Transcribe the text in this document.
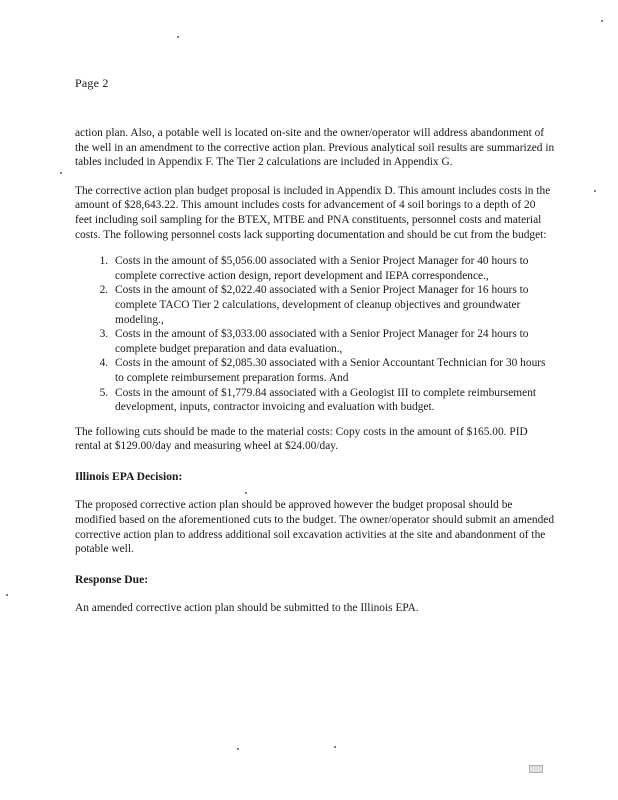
Page 2

action plan. Also, a potable well is located on-site and the owner/operator will address abandonment of the well in an amendment to the corrective action plan. Previous analytical soil results are summarized in tables included in Appendix F. The Tier 2 calculations are included in Appendix G.

The corrective action plan budget proposal is included in Appendix D. This amount includes costs in the amount of $28,643.22. This amount includes costs for advancement of 4 soil borings to a depth of 20 feet including soil sampling for the BTEX, MTBE and PNA constituents, personnel costs and material costs. The following personnel costs lack supporting documentation and should be cut from the budget:

1. Costs in the amount of $5,056.00 associated with a Senior Project Manager for 40 hours to complete corrective action design, report development and IEPA correspondence.,
2. Costs in the amount of $2,022.40 associated with a Senior Project Manager for 16 hours to complete TACO Tier 2 calculations, development of cleanup objectives and groundwater modeling.,
3. Costs in the amount of $3,033.00 associated with a Senior Project Manager for 24 hours to complete budget preparation and data evaluation.,
4. Costs in the amount of $2,085.30 associated with a Senior Accountant Technician for 30 hours to complete reimbursement preparation forms. And
5. Costs in the amount of $1,779.84 associated with a Geologist III to complete reimbursement development, inputs, contractor invoicing and evaluation with budget.

The following cuts should be made to the material costs: Copy costs in the amount of $165.00. PID rental at $129.00/day and measuring wheel at $24.00/day.

Illinois EPA Decision:

The proposed corrective action plan should be approved however the budget proposal should be modified based on the aforementioned cuts to the budget. The owner/operator should submit an amended corrective action plan to address additional soil excavation activities at the site and abandonment of the potable well.

Response Due:

An amended corrective action plan should be submitted to the Illinois EPA.
